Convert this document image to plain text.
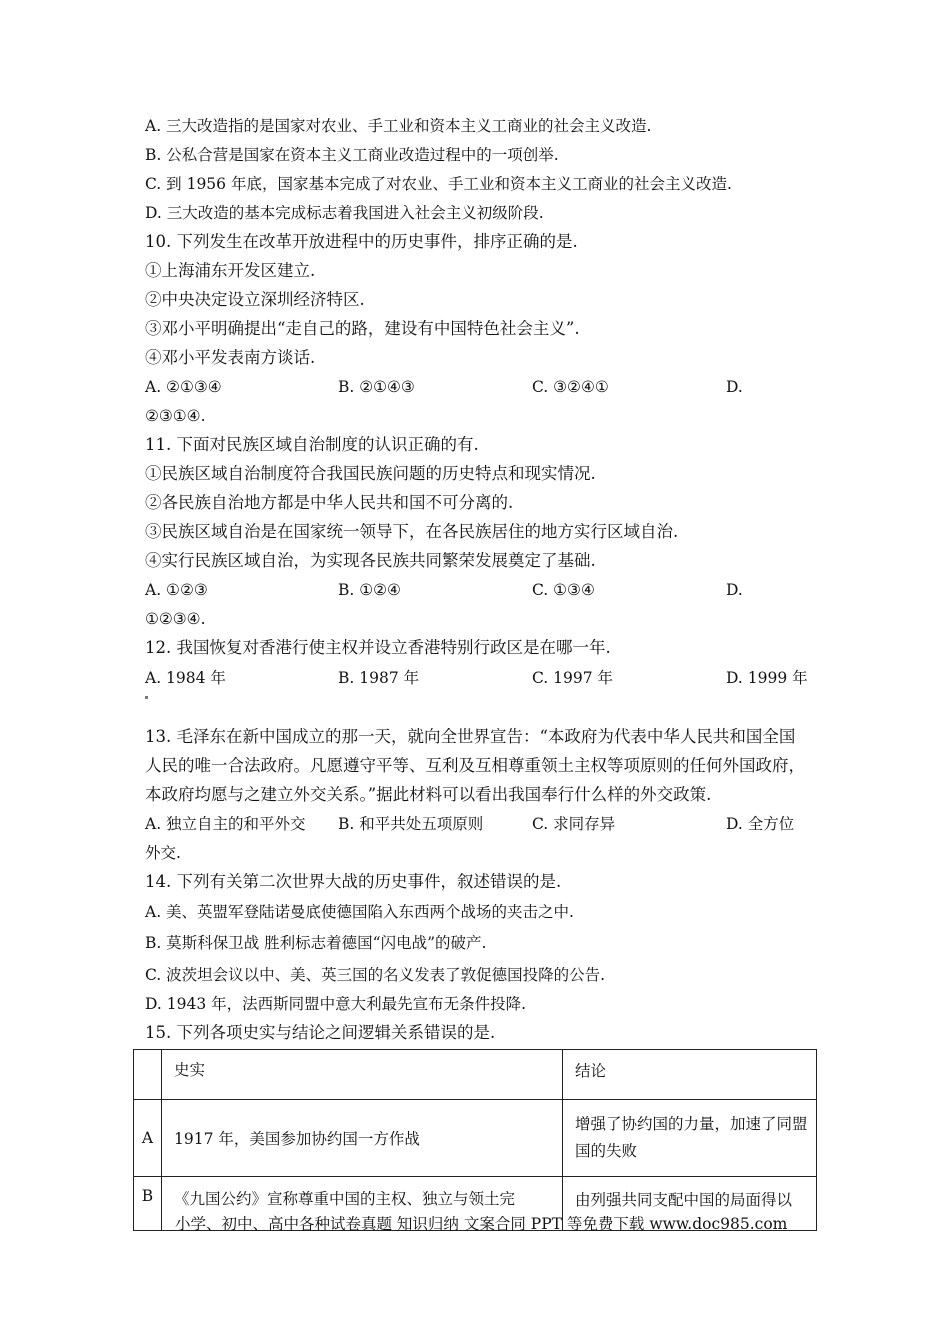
A. 三大改造指的是国家对农业、手工业和资本主义工商业的社会主义改造.
B. 公私合营是国家在资本主义工商业改造过程中的一项创举.
C. 到 1956 年底，国家基本完成了对农业、手工业和资本主义工商业的社会主义改造.
D. 三大改造的基本完成标志着我国进入社会主义初级阶段.
10. 下列发生在改革开放进程中的历史事件，排序正确的是.
①上海浦东开发区建立.
②中央决定设立深圳经济特区.
③邓小平明确提出“走自己的路，建设有中国特色社会主义”.
④邓小平发表南方谈话.
A. ②①③④	B. ②①④③	C. ③②④①	D.
②③①④.
11. 下面对民族区域自治制度的认识正确的有.
①民族区域自治制度符合我国民族问题的历史特点和现实情况.
②各民族自治地方都是中华人民共和国不可分离的.
③民族区域自治是在国家统一领导下，在各民族居住的地方实行区域自治.
④实行民族区域自治，为实现各民族共同繁荣发展奠定了基础.
A. ①②③	B. ①②④	C. ①③④	D.
①②③④.
12. 我国恢复对香港行使主权并设立香港特别行政区是在哪一年.
A. 1984 年	B. 1987 年	C. 1997 年	D. 1999 年
13. 毛泽东在新中国成立的那一天，就向全世界宣告：“本政府为代表中华人民共和国全国
人民的唯一合法政府。凡愿遵守平等、互利及互相尊重领土主权等项原则的任何外国政府，
本政府均愿与之建立外交关系。”据此材料可以看出我国奉行什么样的外交政策.
A. 独立自主的和平外交 B. 和平共处五项原则	C. 求同存异	D. 全方位
外交.
14. 下列有关第二次世界大战的历史事件，叙述错误的是.
A. 美、英盟军登陆诺曼底使德国陷入东西两个战场的夹击之中.
B. 莫斯科保卫战 胜利标志着德国“闪电战”的破产.
C. 波茨坦会议以中、美、英三国的名义发表了敦促德国投降的公告.
D. 1943 年，法西斯同盟中意大利最先宣布无条件投降.
15. 下列各项史实与结论之间逻辑关系错误的是.
	史实	结论
A	1917 年，美国参加协约国一方作战	增强了协约国的力量，加速了同盟国的失败
B	《九国公约》宣称尊重中国的主权、独立与领土完	由列强共同支配中国的局面得以
小学、初中、高中各种试卷真题 知识归纳 文案合同 PPT 等免费下载 www.doc985.com
